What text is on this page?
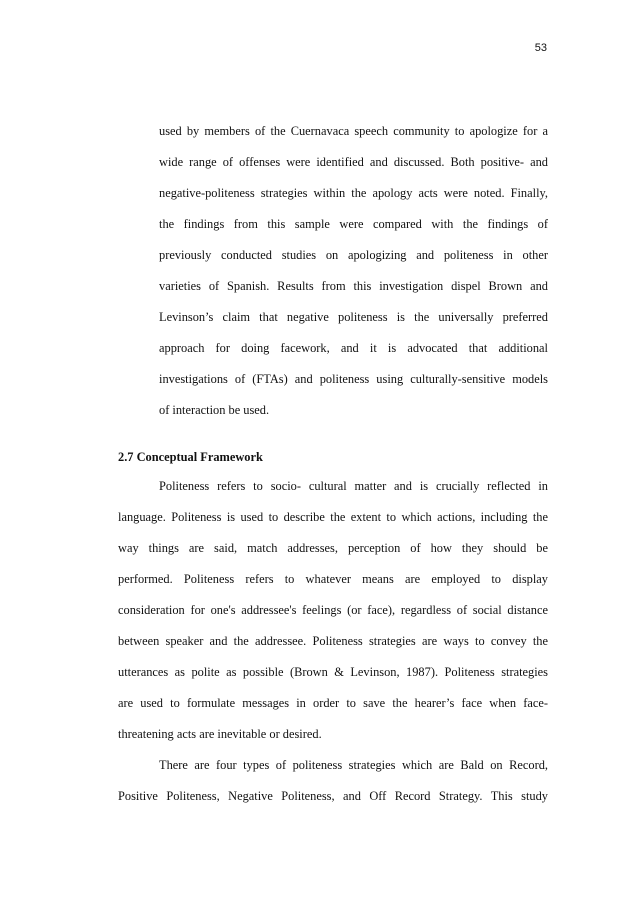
53
used by members of the Cuernavaca speech community to apologize for a
wide range of offenses were identified and discussed. Both positive- and
negative-politeness strategies within the apology acts were noted. Finally,
the findings from this sample were compared with the findings of
previously conducted studies on apologizing and politeness in other
varieties of Spanish. Results from this investigation dispel Brown and
Levinson’s claim that negative politeness is the universally preferred
approach for doing facework, and it is advocated that additional
investigations of (FTAs) and politeness using culturally-sensitive models
of interaction be used.
2.7 Conceptual Framework
Politeness refers to socio- cultural matter and is crucially reflected in
language. Politeness is used to describe the extent to which actions, including the
way things are said, match addresses, perception of how they should be
performed. Politeness refers to whatever means are employed to display
consideration for one's addressee's feelings (or face), regardless of social distance
between speaker and the addressee. Politeness strategies are ways to convey the
utterances as polite as possible (Brown & Levinson, 1987). Politeness strategies
are used to formulate messages in order to save the hearer’s face when face-
threatening acts are inevitable or desired.
There are four types of politeness strategies which are Bald on Record,
Positive Politeness, Negative Politeness, and Off Record Strategy. This study
